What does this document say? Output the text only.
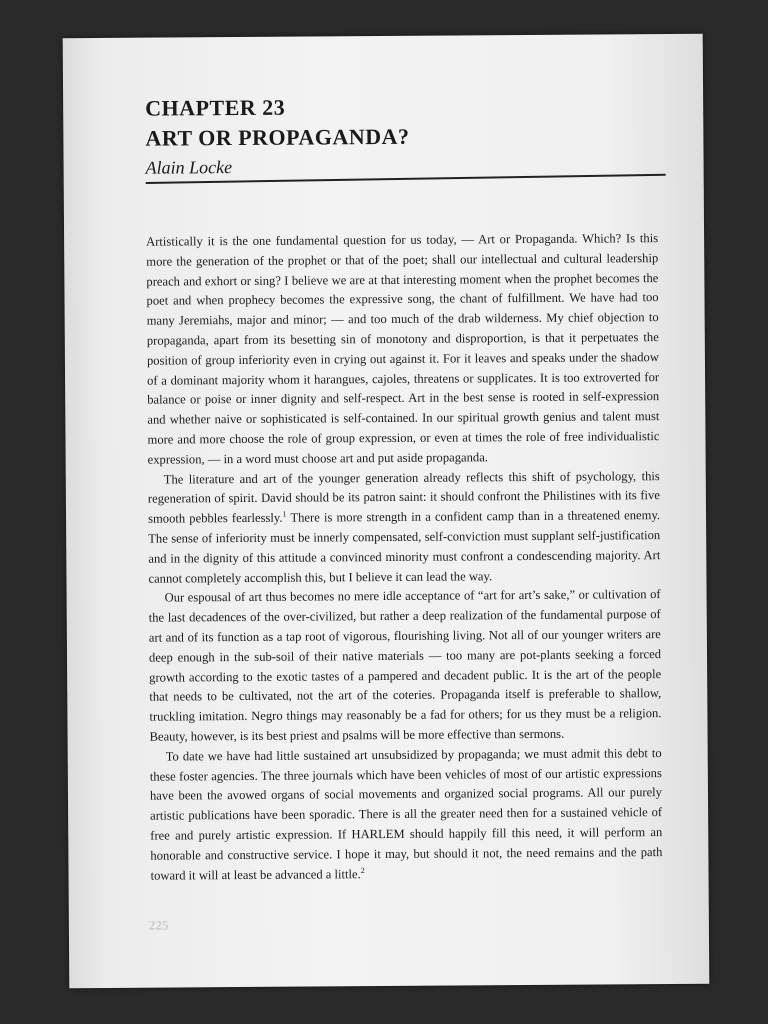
CHAPTER 23
ART OR PROPAGANDA?
Alain Locke

Artistically it is the one fundamental question for us today, — Art or Propaganda. Which? Is this more the generation of the prophet or that of the poet; shall our intellectual and cultural leadership preach and exhort or sing? I believe we are at that interesting moment when the prophet becomes the poet and when prophecy becomes the expressive song, the chant of fulfillment. We have had too many Jeremiahs, major and minor; — and too much of the drab wilderness. My chief objection to propaganda, apart from its besetting sin of monotony and disproportion, is that it perpetuates the position of group inferiority even in crying out against it. For it leaves and speaks under the shadow of a dominant majority whom it harangues, cajoles, threatens or supplicates. It is too extroverted for balance or poise or inner dignity and self-respect. Art in the best sense is rooted in self-expression and whether naive or sophisticated is self-contained. In our spiritual growth genius and talent must more and more choose the role of group expression, or even at times the role of free individualistic expression, — in a word must choose art and put aside propaganda.

The literature and art of the younger generation already reflects this shift of psychology, this regeneration of spirit. David should be its patron saint: it should confront the Philistines with its five smooth pebbles fearlessly.$^1$ There is more strength in a confident camp than in a threatened enemy. The sense of inferiority must be innerly compensated, self-conviction must supplant self-justification and in the dignity of this attitude a convinced minority must confront a condescending majority. Art cannot completely accomplish this, but I believe it can lead the way.

Our espousal of art thus becomes no mere idle acceptance of “art for art’s sake,” or cultivation of the last decadences of the over-civilized, but rather a deep realization of the fundamental purpose of art and of its function as a tap root of vigorous, flourishing living. Not all of our younger writers are deep enough in the sub-soil of their native materials — too many are pot-plants seeking a forced growth according to the exotic tastes of a pampered and decadent public. It is the art of the people that needs to be cultivated, not the art of the coteries. Propaganda itself is preferable to shallow, truckling imitation. Negro things may reasonably be a fad for others; for us they must be a religion. Beauty, however, is its best priest and psalms will be more effective than sermons.

To date we have had little sustained art unsubsidized by propaganda; we must admit this debt to these foster agencies. The three journals which have been vehicles of most of our artistic expressions have been the avowed organs of social movements and organized social programs. All our purely artistic publications have been sporadic. There is all the greater need then for a sustained vehicle of free and purely artistic expression. If HARLEM should happily fill this need, it will perform an honorable and constructive service. I hope it may, but should it not, the need remains and the path toward it will at least be advanced a little.$^2$

225
